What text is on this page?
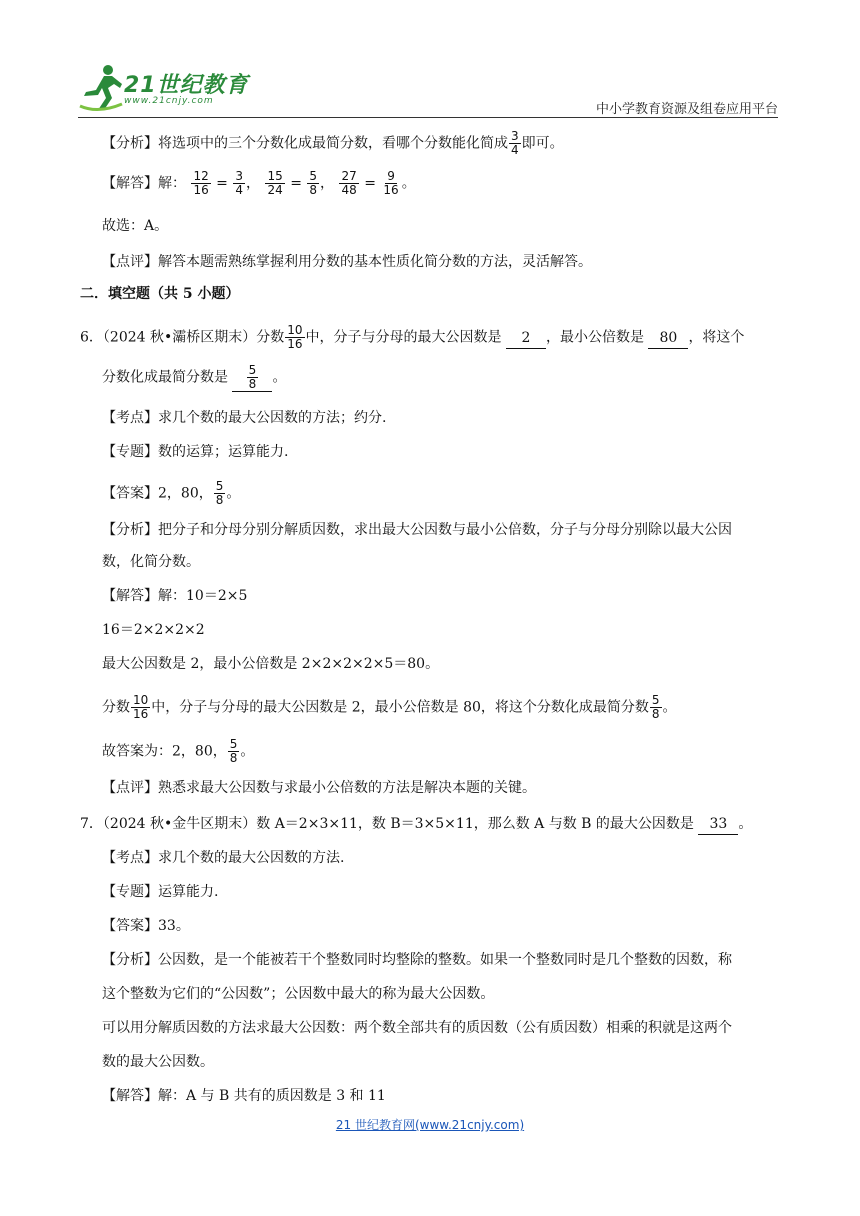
21世纪教育
www.21cnjy.com
中小学教育资源及组卷应用平台
【分析】将选项中的三个分数化成最简分数，看哪个分数能化简成 $\frac{3}{4}$ 即可。
【解答】解： $\frac{12}{16} = \frac{3}{4}$ ， $\frac{15}{24} = \frac{5}{8}$ ， $\frac{27}{48} = \frac{9}{16}$ 。
故选：A。
【点评】解答本题需熟练掌握利用分数的基本性质化简分数的方法，灵活解答。
二．填空题（共 5 小题）
6．（2024 秋•灞桥区期末）分数 $\frac{10}{16}$ 中，分子与分母的最大公因数是 2 ，最小公倍数是 80 ，将这个
分数化成最简分数是 $\frac{5}{8}$ 。
【考点】求几个数的最大公因数的方法；约分.
【专题】数的运算；运算能力.
【答案】2，80， $\frac{5}{8}$ 。
【分析】把分子和分母分别分解质因数，求出最大公因数与最小公倍数，分子与分母分别除以最大公因
数，化简分数。
【解答】解：10＝2×5
16＝2×2×2×2
最大公因数是 2，最小公倍数是 2×2×2×2×5＝80。
分数 $\frac{10}{16}$ 中，分子与分母的最大公因数是 2，最小公倍数是 80，将这个分数化成最简分数 $\frac{5}{8}$ 。
故答案为：2，80， $\frac{5}{8}$ 。
【点评】熟悉求最大公因数与求最小公倍数的方法是解决本题的关键。
7．（2024 秋•金牛区期末）数 A＝2×3×11，数 B＝3×5×11，那么数 A 与数 B 的最大公因数是 33 。
【考点】求几个数的最大公因数的方法.
【专题】运算能力.
【答案】33。
【分析】公因数，是一个能被若干个整数同时均整除的整数。如果一个整数同时是几个整数的因数，称
这个整数为它们的“公因数”；公因数中最大的称为最大公因数。
可以用分解质因数的方法求最大公因数：两个数全部共有的质因数（公有质因数）相乘的积就是这两个
数的最大公因数。
【解答】解：A 与 B 共有的质因数是 3 和 11
21 世纪教育网(www.21cnjy.com)
